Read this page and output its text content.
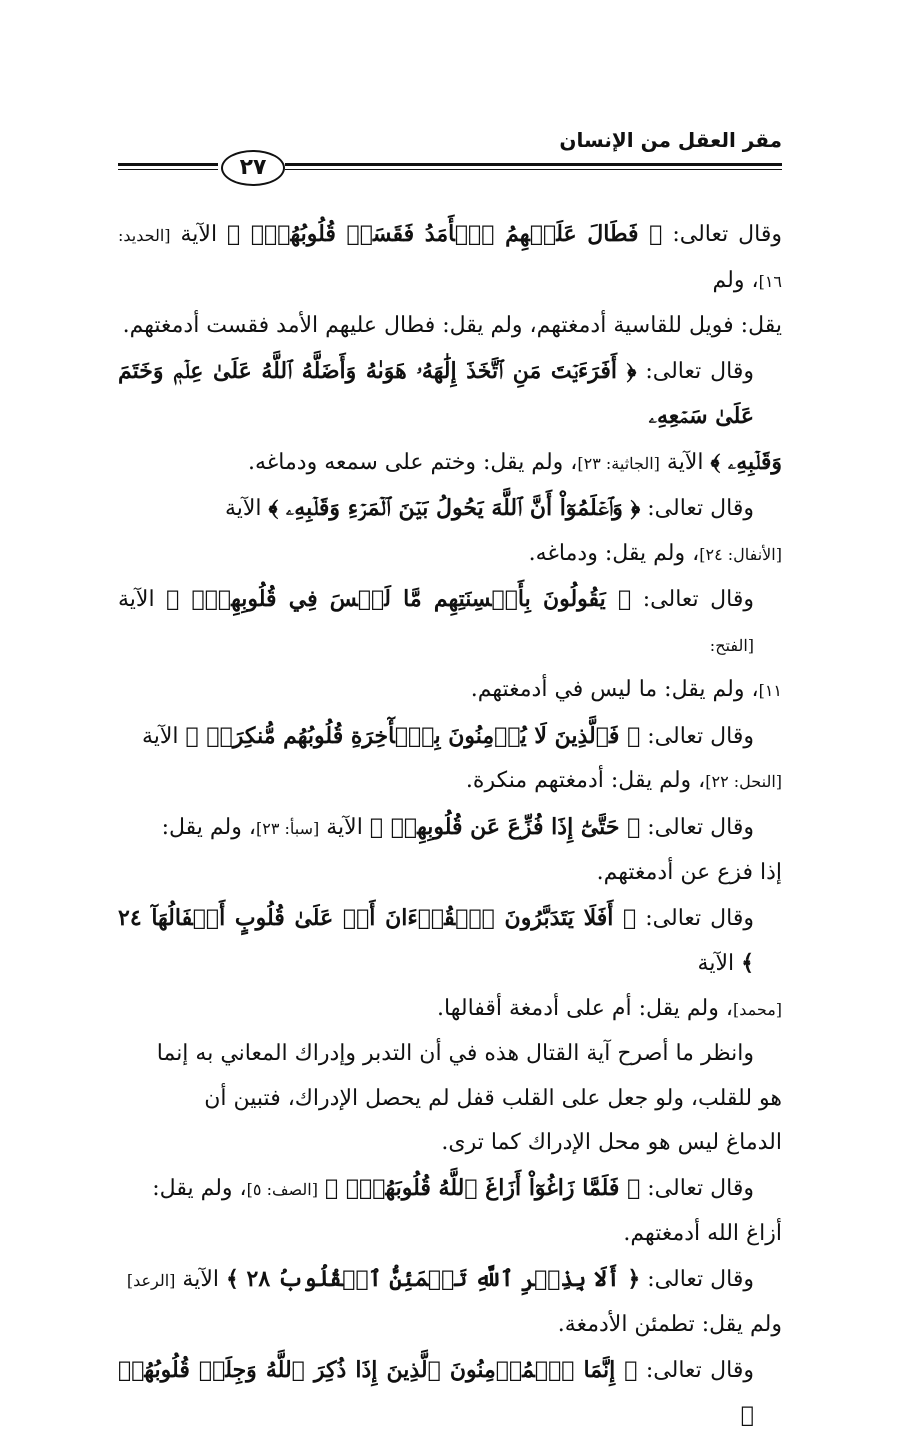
مقر العقل من الإنسان
٢٧

وقال تعالى: ﴿ فَطَالَ عَلَيۡهِمُ ٱلۡأَمَدُ فَقَسَتۡ قُلُوبُهُمۡۖ ﴾ الآية [الحديد: ١٦]، ولم

يقل: فويل للقاسية أدمغتهم، ولم يقل: فطال عليهم الأمد فقست أدمغتهم.

وقال تعالى: ﴿ أَفَرَءَيۡتَ مَنِ ٱتَّخَذَ إِلَٰهَهُۥ هَوَىٰهُ وَأَضَلَّهُ ٱللَّهُ عَلَىٰ عِلۡمٖ وَخَتَمَ عَلَىٰ سَمۡعِهِۦ

وَقَلۡبِهِۦ ﴾ الآية [الجاثية: ٢٣]، ولم يقل: وختم على سمعه ودماغه.

وقال تعالى: ﴿ وَٱعۡلَمُوٓاْ أَنَّ ٱللَّهَ يَحُولُ بَيۡنَ ٱلۡمَرۡءِ وَقَلۡبِهِۦ ﴾ الآية

[الأنفال: ٢٤]، ولم يقل: ودماغه.

وقال تعالى: ﴿ يَقُولُونَ بِأَلۡسِنَتِهِم مَّا لَيۡسَ فِي قُلُوبِهِمۡۚ ﴾ الآية [الفتح:

١١]، ولم يقل: ما ليس في أدمغتهم.

وقال تعالى: ﴿ فَٱلَّذِينَ لَا يُؤۡمِنُونَ بِٱلۡأٓخِرَةِ قُلُوبُهُم مُّنكِرَةٞ ﴾ الآية

[النحل: ٢٢]، ولم يقل: أدمغتهم منكرة.

وقال تعالى: ﴿ حَتَّىٰٓ إِذَا فُزِّعَ عَن قُلُوبِهِمۡ ﴾ الآية [سبأ: ٢٣]، ولم يقل:

إذا فزع عن أدمغتهم.

وقال تعالى: ﴿ أَفَلَا يَتَدَبَّرُونَ ٱلۡقُرۡءَانَ أَمۡ عَلَىٰ قُلُوبٍ أَقۡفَالُهَآ ٢٤ ﴾ الآية

[محمد]، ولم يقل: أم على أدمغة أقفالها.

وانظر ما أصرح آية القتال هذه في أن التدبر وإدراك المعاني به إنما

هو للقلب، ولو جعل على القلب قفل لم يحصل الإدراك، فتبين أن

الدماغ ليس هو محل الإدراك كما ترى.

وقال تعالى: ﴿ فَلَمَّا زَاغُوٓاْ أَزَاغَ ٱللَّهُ قُلُوبَهُمۡۚ ﴾ [الصف: ٥]، ولم يقل:

أزاغ الله أدمغتهم.

وقال تعالى: ﴿ أَلَا بِذِكۡرِ ٱللَّهِ تَطۡمَئِنُّ ٱلۡقُلُوبُ ٢٨ ﴾ الآية [الرعد]

ولم يقل: تطمئن الأدمغة.

وقال تعالى: ﴿ إِنَّمَا ٱلۡمُؤۡمِنُونَ ٱلَّذِينَ إِذَا ذُكِرَ ٱللَّهُ وَجِلَتۡ قُلُوبُهُمۡ ﴾
